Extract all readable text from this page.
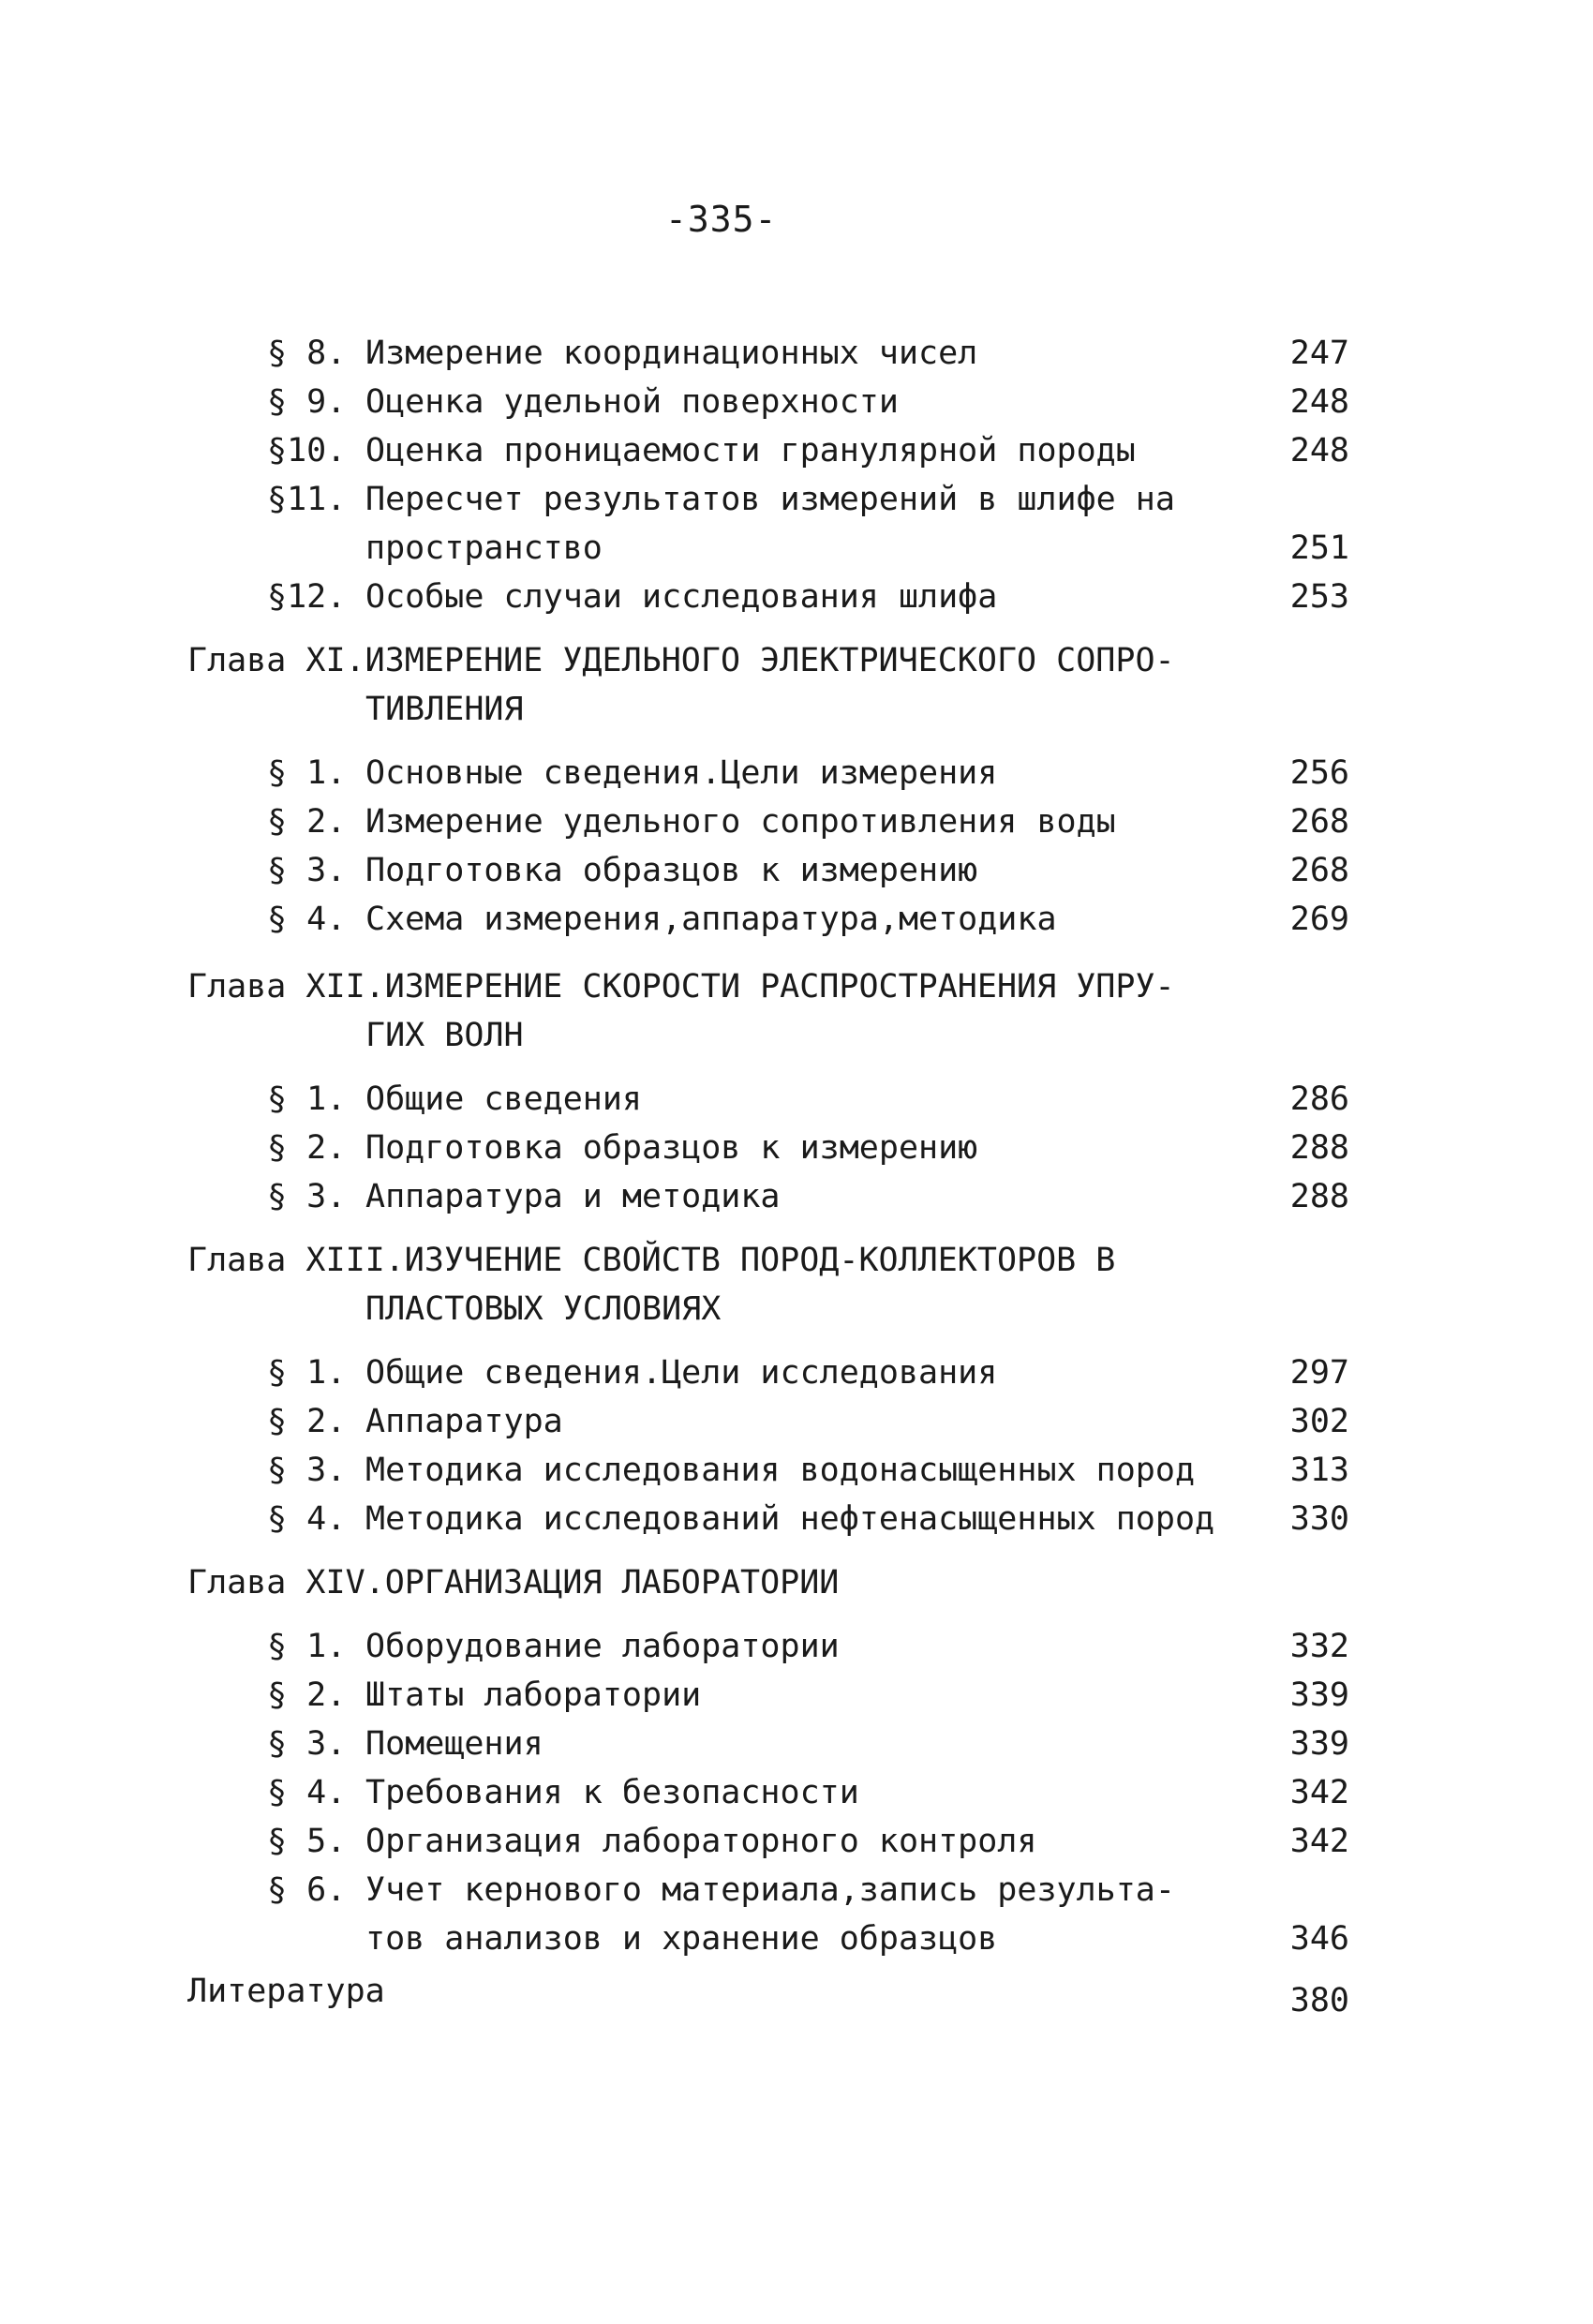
-335-
§ 8. Измерение координационных чисел	247
§ 9. Оценка удельной поверхности	248
§10. Оценка проницаемости гранулярной породы	248
§11. Пересчет результатов измерений в шлифе на
пространство	251
§12. Особые случаи исследования шлифа	253
Глава XI.ИЗМЕРЕНИЕ УДЕЛЬНОГО ЭЛЕКТРИЧЕСКОГО СОПРО-
ТИВЛЕНИЯ
§ 1. Основные сведения.Цели измерения	256
§ 2. Измерение удельного сопротивления воды	268
§ 3. Подготовка образцов к измерению	268
§ 4. Схема измерения,аппаратура,методика	269
Глава XII.ИЗМЕРЕНИЕ СКОРОСТИ РАСПРОСТРАНЕНИЯ УПРУ-
ГИХ ВОЛН
§ 1. Общие сведения	286
§ 2. Подготовка образцов к измерению	288
§ 3. Аппаратура и методика	288
Глава XIII.ИЗУЧЕНИЕ СВОЙСТВ ПОРОД-КОЛЛЕКТОРОВ В
ПЛАСТОВЫХ УСЛОВИЯХ
§ 1. Общие сведения.Цели исследования	297
§ 2. Аппаратура	302
§ 3. Методика исследования водонасыщенных пород	313
§ 4. Методика исследований нефтенасыщенных пород	330
Глава XIV.ОРГАНИЗАЦИЯ ЛАБОРАТОРИИ
§ 1. Оборудование лаборатории	332
§ 2. Штаты лаборатории	339
§ 3. Помещения	339
§ 4. Требования к безопасности	342
§ 5. Организация лабораторного контроля	342
§ 6. Учет кернового материала,запись результа-
тов анализов и хранение образцов	346
Литература	380
